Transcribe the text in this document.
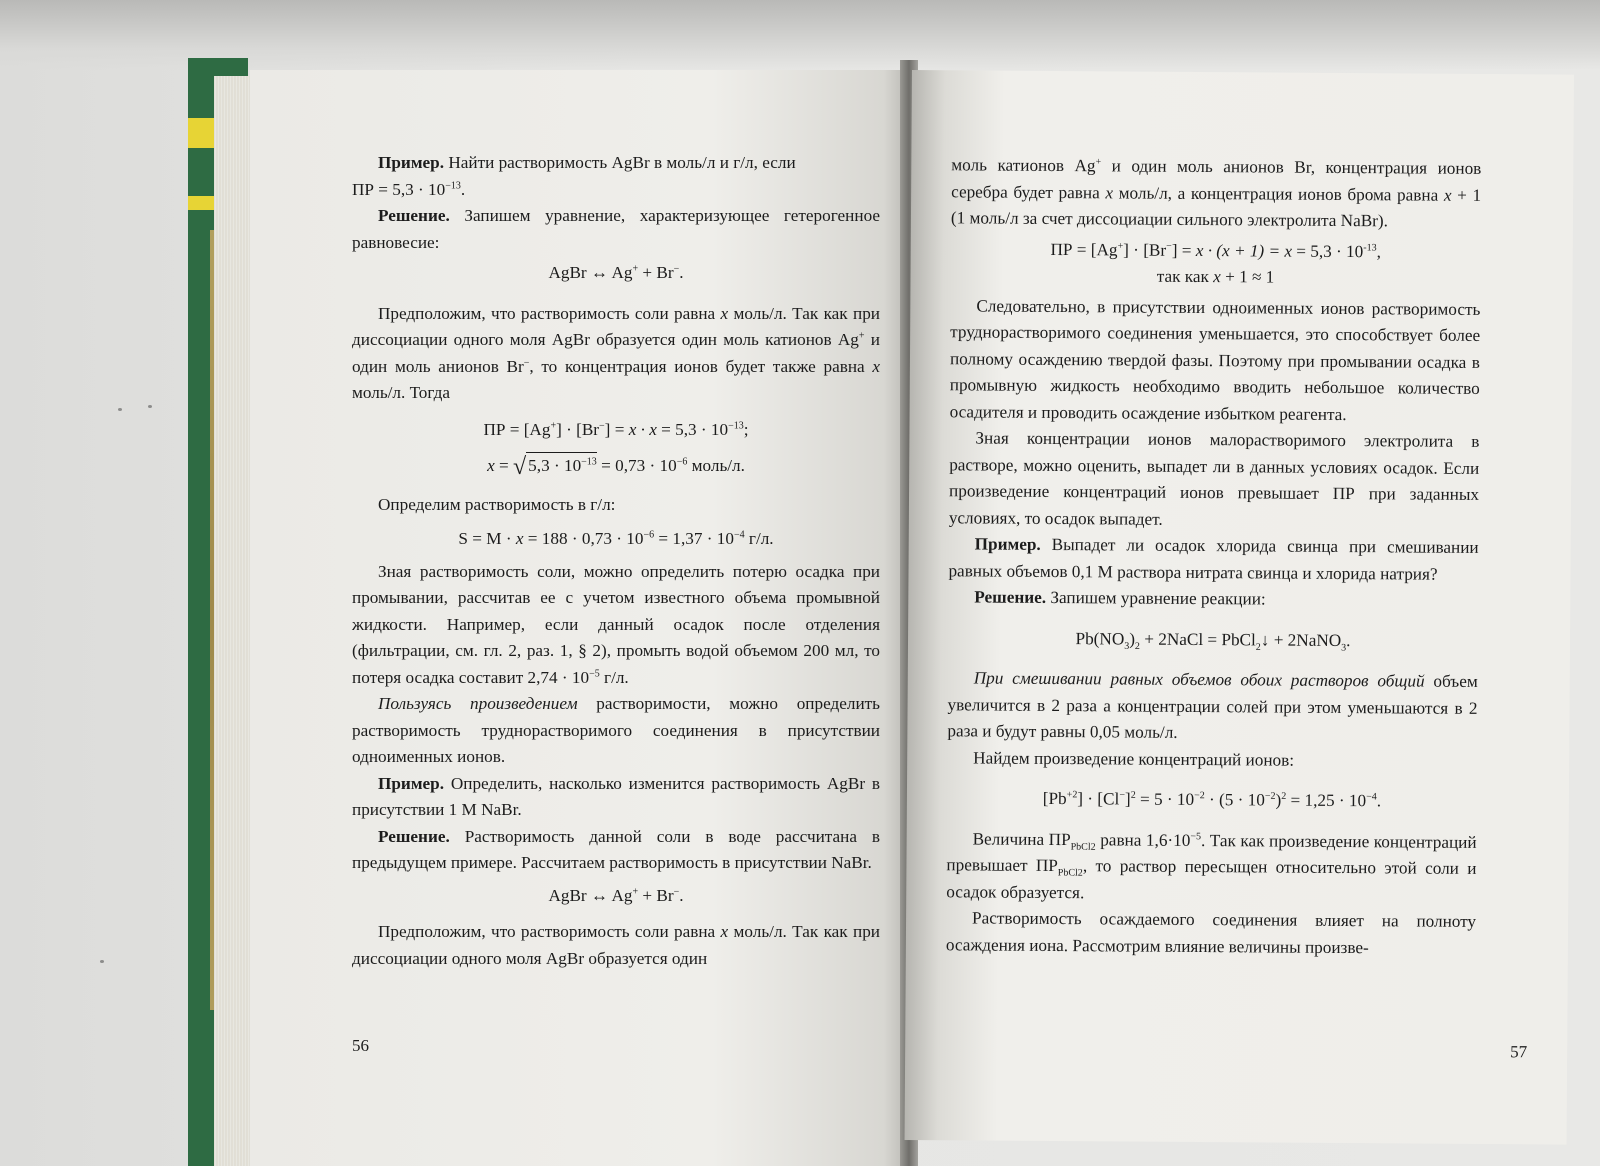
Пример. Найти растворимость AgBr в моль/л и г/л, если
ПР = $5,3 \cdot 10^{-13}$.

Решение. Запишем уравнение, характеризующее гетерогенное равновесие:

AgBr ↔ Ag+ + Br−.

Предположим, что растворимость соли равна x моль/л. Так как при диссоциации одного моля AgBr образуется один моль катионов Ag+ и один моль анионов Br−, то концентрация ионов будет также равна x моль/л. Тогда

ПР = $[Ag^+] \cdot [Br^-] = x \cdot x = 5,3 \cdot 10^{-13}$;

x = √ $5,3 \cdot 10^{-13} = 0,73 \cdot 10^{-6}$ моль/л.

Определим растворимость в г/л:

$S = M \cdot x = 188 \cdot 0,73 \cdot 10^{-6} = 1,37 \cdot 10^{-4}$ г/л.

Зная растворимость соли, можно определить потерю осадка при промывании, рассчитав ее с учетом известного объема промывной жидкости. Например, если данный осадок после отделения (фильтрации, см. гл. 2, раз. 1, § 2), промыть водой объемом 200 мл, то потеря осадка составит $2,74 \cdot 10^{-5}$ г/л.

Пользуясь произведением растворимости, можно определить растворимость труднорастворимого соединения в присутствии одноименных ионов.

Пример. Определить, насколько изменится растворимость AgBr в присутствии 1 M NaBr.

Решение. Растворимость данной соли в воде рассчитана в предыдущем примере. Рассчитаем растворимость в присутствии NaBr.

AgBr ↔ Ag+ + Br−.

Предположим, что растворимость соли равна x моль/л. Так как при диссоциации одного моля AgBr образуется один

56

моль катионов Ag+ и один моль анионов Br, концентрация ионов серебра будет равна x моль/л, а концентрация ионов брома равна x + 1 (1 моль/л за счет диссоциации сильного электролита NaBr).

ПР = $[Ag^+] \cdot [Br^-] = x \cdot (x + 1) = x = 5,3 \cdot 10^{-13}$,
так как x + 1 ≈ 1

Следовательно, в присутствии одноименных ионов растворимость труднорастворимого соединения уменьшается, это способствует более полному осаждению твердой фазы. Поэтому при промывании осадка в промывную жидкость необходимо вводить небольшое количество осадителя и проводить осаждение избытком реагента.

Зная концентрации ионов малорастворимого электролита в растворе, можно оценить, выпадет ли в данных условиях осадок. Если произведение концентраций ионов превышает ПР при заданных условиях, то осадок выпадет.

Пример. Выпадет ли осадок хлорида свинца при смешивании равных объемов 0,1 M раствора нитрата свинца и хлорида натрия?

Решение. Запишем уравнение реакции:

$Pb(NO_3)_2$ + 2NaCl = PbCl$_2$↓ + 2NaNO$_3$.

При смешивании равных объемов обоих растворов общий объем увеличится в 2 раза а концентрации солей при этом уменьшаются в 2 раза и будут равны 0,05 моль/л.

Найдем произведение концентраций ионов:

$[Pb^{+2}] \cdot [Cl^-]^2 = 5 \cdot 10^{-2} \cdot (5 \cdot 10^{-2})^2 = 1,25 \cdot 10^{-4}$.

Величина $ПР_{PbCl2}$ равна $1,6\cdot 10^{-5}$. Так как произведение концентраций превышает $ПР_{PbCl2}$, то раствор пересыщен относительно этой соли и осадок образуется.

Растворимость осаждаемого соединения влияет на полноту осаждения иона. Рассмотрим влияние величины произве-

57
